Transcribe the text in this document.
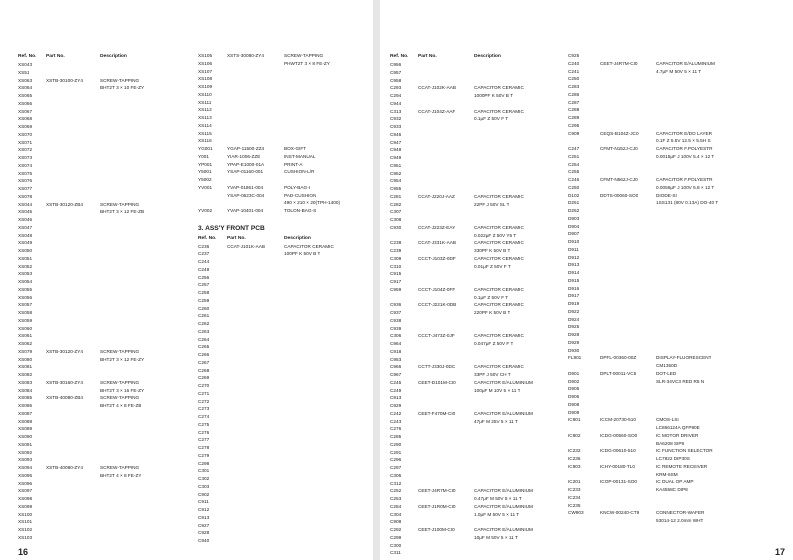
Ref. No. Part No.	Description
XS043
XS51
XS063	XSTB-30100-ZY4	SCREW-TAPPING
XS064	BHT2T 3 × 10 FE-ZY
XS065
XS066
XS067
XS068
XS069
XS070
XS071
XS072
XS073
XS074
XS075
XS076
XS077
XS078
XS044	XSTB-30120-ZB4	SCREW-TAPPING
XS045	BHT2T 3 × 12 FE-ZB
XS046
XS047
XS048
XS049
XS050
XS051
XS052
XS053
XS054
XS055
XS056
XS057
XS058
XS059
XS060
XS061
XS062
XS079	XSTB-30120-ZY4	SCREW-TAPPING
XS080	BHT2T 3 × 12 FE-ZY
XS081
XS082
XS083	XSTB-30160-ZY4	SCREW-TAPPING
XS084	BHT2T 3 × 16 FE-ZY
XS085	XSTB-40080-ZB4	SCREW-TAPPING
XS086	BHT2T 4 × 8 FE-ZB
XS087
XS088
XS089
XS090
XS091
XS092
XS093
XS094	XSTB-40080-ZY4	SCREW-TAPPING
XS095	BHT2T 4 × 8 FE-ZY
XS096
XS097
XS098
XS099
XS100
XS101
XS102
XS103
XS105	XSTS-30080-ZY4	SCREW-TAPPING
XS106	PHWT2T 3 × 8 FE-ZY
XS107
XS108
XS109
XS110
XS111
XS112
XS113
XS114
XS115
XS116
YG001	YGAP-11500-ZZ4	BOX-GIFT
Y001	YIAR-1006-ZZE	INST-MANUAL
YP001	YPAP-E1000-01A	PRINT-A
Y5001	YSAP-01160-001	CUSHION-L/R
Y5002
YV001	YVAP-01861-004	POLY-BAG-I
YSAP-0623C-004	PAD-CUSHION
490 × 210 × 20(TPH-1400)
YV002	YVAP-10401-004	TOLON-BAG-S
3. ASS'Y FRONT PCB
Ref. No. Part No.	Description
C236	CCAT-J101K-AAB	CAPACITOR CERAMIC
C237	100PF K 50V B T
C244
C248
C256
C257
C258
C259
C260
C261
C262
C263
C264
C265
C266
C267
C268
C269
C270
C271
C272
C273
C274
C275
C276
C277
C278
C279
C298
C301
C302
C303
C902
C911
C912
C913
C927
C928
C940
16
Ref. No. Part No.	Description
C956
C957
C958
C293	CCAT-J102K-AAB	CAPACITOR CERAMIC
C294	1000PF K 50V B T
C944
C313	CCAT-J104Z-AAF	CAPACITOR CERAMIC
C932	0.1μF Z 50V F T
C933
C946
C947
C948
C949
C951
C952
C954
C955
C281	CCAT-J220J-AAZ	CAPACITOR CERAMIC
C282	22PF J 50V SL T
C307
C308
C930	CCAT-J223Z-EAY	CAPACITOR CERAMIC
0.022μF Z 50V Y5 T
C238	CCAT-J331K-AAB	CAPACITOR CERAMIC
C239	330PF K 50V B T
C309	CCCT-J103Z-0DF	CAPACITOR CERAMIC
C310	0.01μF Z 50V F T
C915
C917
C959	CCCT-J104Z-0FF	CAPACITOR CERAMIC
0.1μF Z 50V F T
C936	CCCT-J221K-0DB	CAPACITOR CERAMIC
C937	220PF K 50V B T
C938
C939
C306	CCCT-J473Z-0JF	CAPACITOR CERAMIC
C964	0.047μF Z 50V F T
C918
C953
C966	CCTT-J330J-0DC	CAPACITOR CERAMIC
C967	33PF J 50V CH T
C245	CEET-D101M-CI0	CAPACITOR E/ALUMINIUM
C249	100μF M 10V 5 × 11 T
C913
C929
C242	CEET-F470M-CI0	CAPACITOR E/ALUMINIUM
C243	47μF M 25V 5 × 11 T
C276
C285
C290
C291
C296
C297
C305
C312
C252	CEET-J4R7M-CI0	CAPACITOR E/ALUMINIUM
C253	0.47μF M 50V 5 × 11 T
C284	CEET-J1R0M-CI0	CAPACITOR E/ALUMINIUM
C304	1.0μF M 50V 5 × 11 T
C908
C292	CEET-J100M-CI0	CAPACITOR E/ALUMINIUM
C299	10μF M 50V 5 × 11 T
C300
C311
C925
C240	CEET-J4R7M-CI0	CAPACITOR E/ALUMINIUM
C241	4.7μF M 50V 5 × 11 T
C250
C283
C286
C287
C288
C289
C295
C909	CEQS-B104Z-JC0	CAPACITOR E/DO LAYER
0.1F Z 5.5V 12.5 × 5.5H S
C247	CFMT-N152J-CJ0	CAPACITOR F.POLYESTR
C251	0.0015μF J 100V 5.4 × 12 T
C254
C255
C246	CFMT-N562J-CJ0	CAPACITOR F.POLYESTR
C250	0.0056μF J 100V 5.8 × 12 T
D102	DDTS-00060-SO0	DIODE-SI
D251	1SS131 (80V 0.13A) DO-40 T
D252
D903
D904
D907
D910
D911
D912
D913
D914
D915
D916
D917
D919
D922
D924
D925
D928
D929
D930
FL901	DPFL-00360-00Z	DISPLAY-FLUORESCENT
CM1360D
D901	DPLT-00011-VC5	DOT-LED
D902	SLR-34VC3 RED R5 N
D905
D906
D908
D909
IC901	ICCM-20730-510	CMOS-LSI
LC866124A QFP80E
IC902	ICDG-00560-SO0	IC MOTOR DRIVER
BA6208 SIP9
IC232	ICDG-00610-510	IC FUNCTION SELECTOR
IC236	LC7822 DIP30S
IC903	ICHY-00180-TL0	IC REMOTE RECEIVER
KRM-6SM
IC201	ICOP-00131-SO0	IC DUAL OP AMP
IC233	KA4558C DIP8
IC234
IC235
CW903	KNCW-00240-CT9	CONNECTOR-WAFER
53014-12 2.0mm WHT
17
